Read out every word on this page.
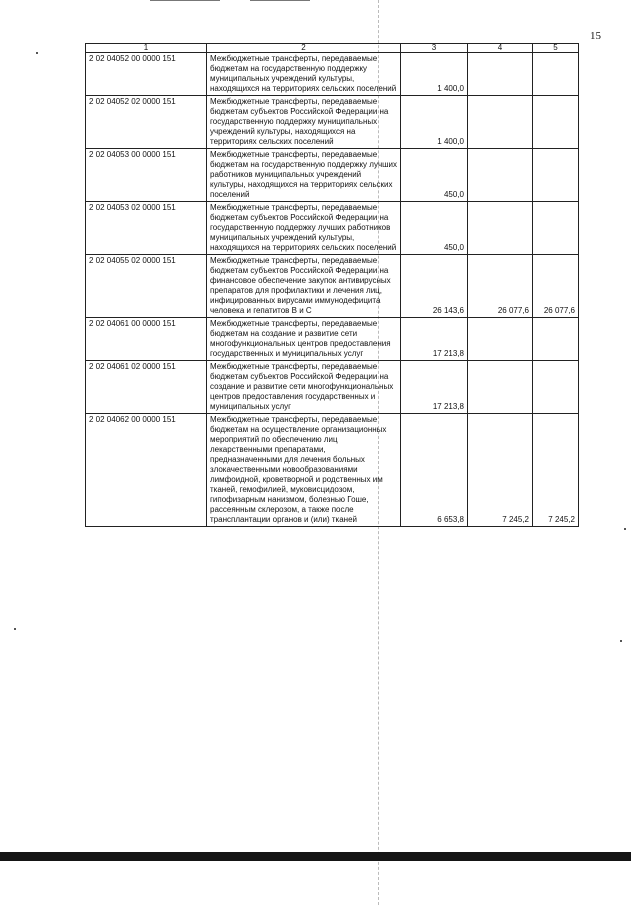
15
1	2	3	4	5
2 02 04052 00 0000 151	Межбюджетные трансферты, передаваемые бюджетам на государственную поддержку муниципальных учреждений культуры, находящихся на территориях сельских поселений	1 400,0		
2 02 04052 02 0000 151	Межбюджетные трансферты, передаваемые бюджетам субъектов Российской Федерации на государственную поддержку муниципальных учреждений культуры, находящихся на территориях сельских поселений	1 400,0		
2 02 04053 00 0000 151	Межбюджетные трансферты, передаваемые бюджетам на государственную поддержку лучших работников муниципальных учреждений культуры, находящихся на территориях сельских поселений	450,0		
2 02 04053 02 0000 151	Межбюджетные трансферты, передаваемые бюджетам субъектов Российской Федерации на государственную поддержку лучших работников муниципальных учреждений культуры, находящихся на территориях сельских поселений	450,0		
2 02 04055 02 0000 151	Межбюджетные трансферты, передаваемые бюджетам субъектов Российской Федерации на финансовое обеспечение закупок антивирусных препаратов для профилактики и лечения лиц, инфицированных вирусами иммунодефицита человека и гепатитов В и С	26 143,6	26 077,6	26 077,6
2 02 04061 00 0000 151	Межбюджетные трансферты, передаваемые бюджетам на создание и развитие сети многофункциональных центров предоставления государственных и муниципальных услуг	17 213,8		
2 02 04061 02 0000 151	Межбюджетные трансферты, передаваемые бюджетам субъектов Российской Федерации на создание и развитие сети многофункциональных центров предоставления государственных и муниципальных услуг	17 213,8		
2 02 04062 00 0000 151	Межбюджетные трансферты, передаваемые бюджетам на осуществление организационных мероприятий по обеспечению лиц лекарственными препаратами, предназначенными для лечения больных злокачественными новообразованиями лимфоидной, кроветворной и родственных им тканей, гемофилией, муковисцидозом, гипофизарным нанизмом, болезнью Гоше, рассеянным склерозом, а также после трансплантации органов и (или) тканей	6 653,8	7 245,2	7 245,2
